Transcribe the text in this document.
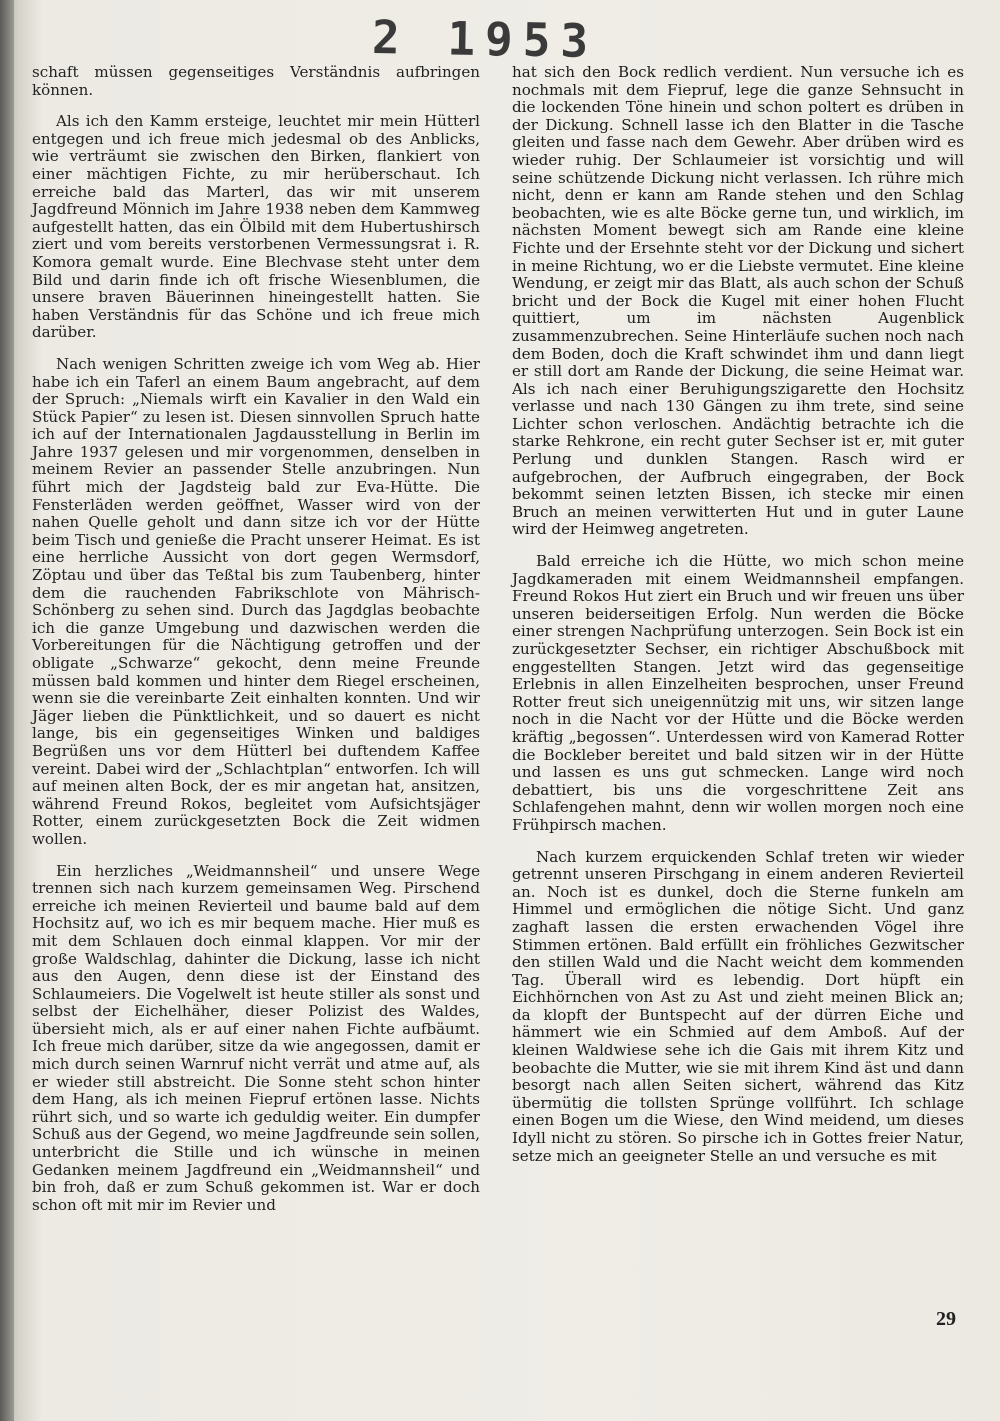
2 1953

schaft müssen gegenseitiges Verständnis aufbringen können.

Als ich den Kamm ersteige, leuchtet mir mein Hütterl entgegen und ich freue mich jedesmal ob des Anblicks, wie verträumt sie zwischen den Birken, flankiert von einer mächtigen Fichte, zu mir herüberschaut. Ich erreiche bald das Marterl, das wir mit unserem Jagdfreund Mönnich im Jahre 1938 neben dem Kammweg aufgestellt hatten, das ein Ölbild mit dem Hubertushirsch ziert und vom bereits verstorbenen Vermessungsrat i. R. Komora gemalt wurde. Eine Blechvase steht unter dem Bild und darin finde ich oft frische Wiesenblumen, die unsere braven Bäuerinnen hineingestellt hatten. Sie haben Verständnis für das Schöne und ich freue mich darüber.

Nach wenigen Schritten zweige ich vom Weg ab. Hier habe ich ein Taferl an einem Baum angebracht, auf dem der Spruch: „Niemals wirft ein Kavalier in den Wald ein Stück Papier“ zu lesen ist. Diesen sinnvollen Spruch hatte ich auf der Internationalen Jagdausstellung in Berlin im Jahre 1937 gelesen und mir vorgenommen, denselben in meinem Revier an passender Stelle anzubringen. Nun führt mich der Jagdsteig bald zur Eva-Hütte. Die Fensterläden werden geöffnet, Wasser wird von der nahen Quelle geholt und dann sitze ich vor der Hütte beim Tisch und genieße die Pracht unserer Heimat. Es ist eine herrliche Aussicht von dort gegen Wermsdorf, Zöptau und über das Teßtal bis zum Taubenberg, hinter dem die rauchenden Fabrikschlote von Mährisch-Schönberg zu sehen sind. Durch das Jagdglas beobachte ich die ganze Umgebung und dazwischen werden die Vorbereitungen für die Nächtigung getroffen und der obligate „Schwarze“ gekocht, denn meine Freunde müssen bald kommen und hinter dem Riegel erscheinen, wenn sie die vereinbarte Zeit einhalten konnten. Und wir Jäger lieben die Pünktlichkeit, und so dauert es nicht lange, bis ein gegenseitiges Winken und baldiges Begrüßen uns vor dem Hütterl bei duftendem Kaffee vereint. Dabei wird der „Schlachtplan“ entworfen. Ich will auf meinen alten Bock, der es mir angetan hat, ansitzen, während Freund Rokos, begleitet vom Aufsichtsjäger Rotter, einem zurückgesetzten Bock die Zeit widmen wollen.

Ein herzliches „Weidmannsheil“ und unsere Wege trennen sich nach kurzem gemeinsamen Weg. Pirschend erreiche ich meinen Revierteil und baume bald auf dem Hochsitz auf, wo ich es mir bequem mache. Hier muß es mit dem Schlauen doch einmal klappen. Vor mir der große Waldschlag, dahinter die Dickung, lasse ich nicht aus den Augen, denn diese ist der Einstand des Schlaumeiers. Die Vogelwelt ist heute stiller als sonst und selbst der Eichelhäher, dieser Polizist des Waldes, übersieht mich, als er auf einer nahen Fichte aufbäumt. Ich freue mich darüber, sitze da wie angegossen, damit er mich durch seinen Warnruf nicht verrät und atme auf, als er wieder still abstreicht. Die Sonne steht schon hinter dem Hang, als ich meinen Fiepruf ertönen lasse. Nichts rührt sich, und so warte ich geduldig weiter. Ein dumpfer Schuß aus der Gegend, wo meine Jagdfreunde sein sollen, unterbricht die Stille und ich wünsche in meinen Gedanken meinem Jagdfreund ein „Weidmannsheil“ und bin froh, daß er zum Schuß gekommen ist. War er doch schon oft mit mir im Revier und

hat sich den Bock redlich verdient. Nun versuche ich es nochmals mit dem Fiepruf, lege die ganze Sehnsucht in die lockenden Töne hinein und schon poltert es drüben in der Dickung. Schnell lasse ich den Blatter in die Tasche gleiten und fasse nach dem Gewehr. Aber drüben wird es wieder ruhig. Der Schlaumeier ist vorsichtig und will seine schützende Dickung nicht verlassen. Ich rühre mich nicht, denn er kann am Rande stehen und den Schlag beobachten, wie es alte Böcke gerne tun, und wirklich, im nächsten Moment bewegt sich am Rande eine kleine Fichte und der Ersehnte steht vor der Dickung und sichert in meine Richtung, wo er die Liebste vermutet. Eine kleine Wendung, er zeigt mir das Blatt, als auch schon der Schuß bricht und der Bock die Kugel mit einer hohen Flucht quittiert, um im nächsten Augenblick zusammenzubrechen. Seine Hinterläufe suchen noch nach dem Boden, doch die Kraft schwindet ihm und dann liegt er still dort am Rande der Dickung, die seine Heimat war. Als ich nach einer Beruhigungszigarette den Hochsitz verlasse und nach 130 Gängen zu ihm trete, sind seine Lichter schon verloschen. Andächtig betrachte ich die starke Rehkrone, ein recht guter Sechser ist er, mit guter Perlung und dunklen Stangen. Rasch wird er aufgebrochen, der Aufbruch eingegraben, der Bock bekommt seinen letzten Bissen, ich stecke mir einen Bruch an meinen verwitterten Hut und in guter Laune wird der Heimweg angetreten.

Bald erreiche ich die Hütte, wo mich schon meine Jagdkameraden mit einem Weidmannsheil empfangen. Freund Rokos Hut ziert ein Bruch und wir freuen uns über unseren beiderseitigen Erfolg. Nun werden die Böcke einer strengen Nachprüfung unterzogen. Sein Bock ist ein zurückgesetzter Sechser, ein richtiger Abschußbock mit enggestellten Stangen. Jetzt wird das gegenseitige Erlebnis in allen Einzelheiten besprochen, unser Freund Rotter freut sich uneigennützig mit uns, wir sitzen lange noch in die Nacht vor der Hütte und die Böcke werden kräftig „begossen“. Unterdessen wird von Kamerad Rotter die Bockleber bereitet und bald sitzen wir in der Hütte und lassen es uns gut schmecken. Lange wird noch debattiert, bis uns die vorgeschrittene Zeit ans Schlafengehen mahnt, denn wir wollen morgen noch eine Frühpirsch machen.

Nach kurzem erquickenden Schlaf treten wir wieder getrennt unseren Pirschgang in einem anderen Revierteil an. Noch ist es dunkel, doch die Sterne funkeln am Himmel und ermöglichen die nötige Sicht. Und ganz zaghaft lassen die ersten erwachenden Vögel ihre Stimmen ertönen. Bald erfüllt ein fröhliches Gezwitscher den stillen Wald und die Nacht weicht dem kommenden Tag. Überall wird es lebendig. Dort hüpft ein Eichhörnchen von Ast zu Ast und zieht meinen Blick an; da klopft der Buntspecht auf der dürren Eiche und hämmert wie ein Schmied auf dem Amboß. Auf der kleinen Waldwiese sehe ich die Gais mit ihrem Kitz und beobachte die Mutter, wie sie mit ihrem Kind äst und dann besorgt nach allen Seiten sichert, während das Kitz übermütig die tollsten Sprünge vollführt. Ich schlage einen Bogen um die Wiese, den Wind meidend, um dieses Idyll nicht zu stören. So pirsche ich in Gottes freier Natur, setze mich an geeigneter Stelle an und versuche es mit

29
